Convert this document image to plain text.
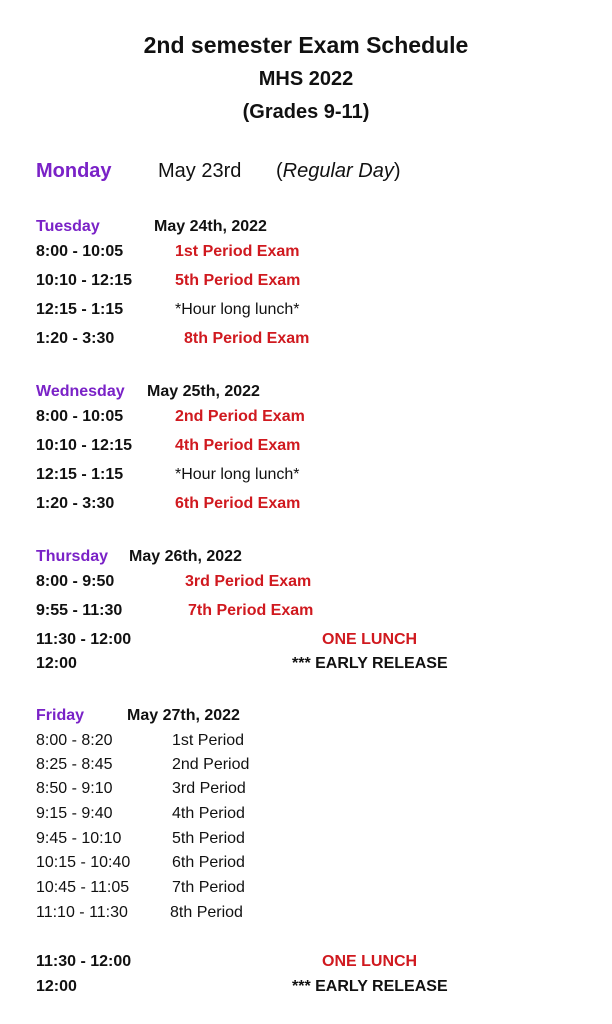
2nd semester Exam Schedule
MHS 2022
(Grades 9-11)
Monday May 23rd (Regular Day)
Tuesday	May 24th, 2022
8:00 - 10:05	1st Period Exam
10:10 - 12:15	5th Period Exam
12:15 - 1:15	*Hour long lunch*
1:20 - 3:30	8th Period Exam
Wednesday May 25th, 2022
8:00 - 10:05	2nd Period Exam
10:10 - 12:15	4th Period Exam
12:15 - 1:15	*Hour long lunch*
1:20 - 3:30	6th Period Exam
Thursday May 26th, 2022
8:00 - 9:50	3rd Period Exam
9:55 - 11:30	7th Period Exam
11:30 - 12:00	ONE LUNCH
12:00	*** EARLY RELEASE
Friday	May 27th, 2022
8:00 - 8:20	1st Period
8:25 - 8:45	2nd Period
8:50 - 9:10	3rd Period
9:15 - 9:40	4th Period
9:45 - 10:10	5th Period
10:15 - 10:40	6th Period
10:45 - 11:05	7th Period
11:10 - 11:30	8th Period
11:30 - 12:00	ONE LUNCH
12:00	*** EARLY RELEASE
